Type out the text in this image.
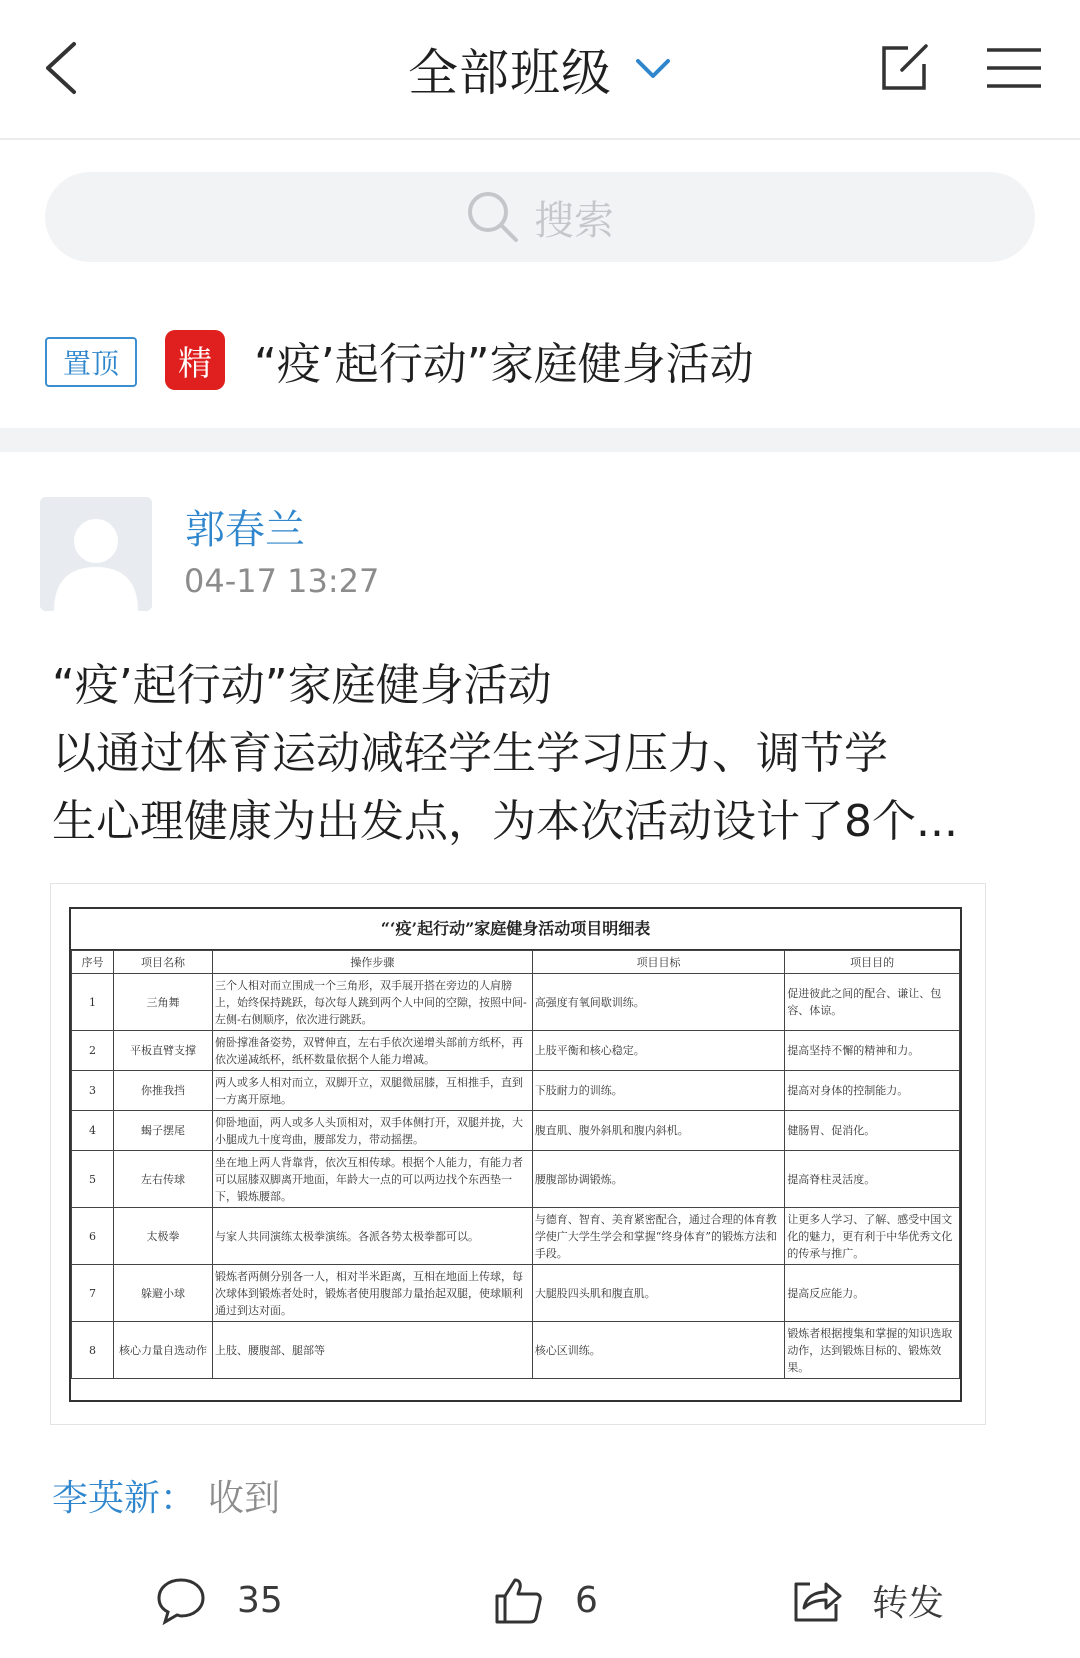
全部班级
搜索
置顶	精 “疫’起行动”家庭健身活动
郭春兰
04-17 13:27
“疫’起行动”家庭健身活动
以通过体育运动减轻学生学习压力、调节学
生心理健康为出发点，为本次活动设计了8个...
“‘疫’起行动”家庭健身活动项目明细表
序号	项目名称	操作步骤	项目目标	项目目的
1	三角舞	三个人相对而立围成一个三角形，双手展开搭在旁边的人肩膀上，始终保持跳跃，每次每人跳到两个人中间的空隙，按照中间-左侧-右侧顺序，依次进行跳跃。	高强度有氧间歇训练。	促进彼此之间的配合、谦让、包容、体谅。
2	平板直臂支撑	俯卧撑准备姿势，双臂伸直，左右手依次递增头部前方纸杯，再依次递减纸杯，纸杯数量依据个人能力增减。	上肢平衡和核心稳定。	提高坚持不懈的精神和力。
3	你推我挡	两人或多人相对而立，双脚开立，双腿微屈膝，互相推手，直到一方离开原地。	下肢耐力的训练。	提高对身体的控制能力。
4	蝎子摆尾	仰卧地面，两人或多人头顶相对，双手体侧打开，双腿并拢，大小腿成九十度弯曲，腰部发力，带动摇摆。	腹直肌、腹外斜肌和腹内斜机。	健肠胃、促消化。
5	左右传球	坐在地上两人背靠背，依次互相传球。根据个人能力，有能力者可以屈膝双脚离开地面，年龄大一点的可以两边找个东西垫一下，锻炼腰部。	腰腹部协调锻炼。	提高脊柱灵活度。
6	太极拳	与家人共同演练太极拳演练。各派各势太极拳都可以。	与德育、智育、美育紧密配合，通过合理的体育教学使广大学生学会和掌握“终身体育”的锻炼方法和手段。	让更多人学习、了解、感受中国文化的魅力，更有利于中华优秀文化的传承与推广。
7	躲避小球	锻炼者两侧分别各一人，相对半米距离，互相在地面上传球，每次球体到锻炼者处时，锻炼者使用腹部力量抬起双腿，使球顺利通过到达对面。	大腿股四头肌和腹直肌。	提高反应能力。
8	核心力量自选动作	上肢、腰腹部、腿部等	核心区训练。	锻炼者根据搜集和掌握的知识选取动作，达到锻炼目标的、锻炼效果。
李英新： 收到
35	6	转发
